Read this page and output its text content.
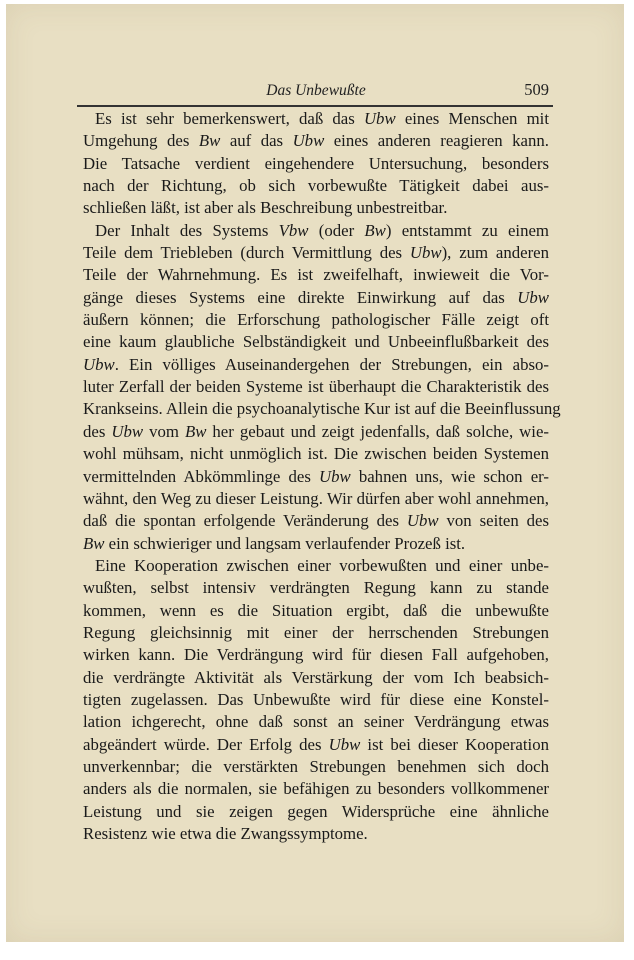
Das Unbewußte	509
Es ist sehr bemerkenswert, daß das Ubw eines Menschen mit
Umgehung des Bw auf das Ubw eines anderen reagieren kann.
Die Tatsache verdient eingehendere Untersuchung, besonders
nach der Richtung, ob sich vorbewußte Tätigkeit dabei aus-
schließen läßt, ist aber als Beschreibung unbestreitbar.
Der Inhalt des Systems Vbw (oder Bw) entstammt zu einem
Teile dem Triebleben (durch Vermittlung des Ubw), zum anderen
Teile der Wahrnehmung. Es ist zweifelhaft, inwieweit die Vor-
gänge dieses Systems eine direkte Einwirkung auf das Ubw
äußern können; die Erforschung pathologischer Fälle zeigt oft
eine kaum glaubliche Selbständigkeit und Unbeeinflußbarkeit des
Ubw. Ein völliges Auseinandergehen der Strebungen, ein abso-
luter Zerfall der beiden Systeme ist überhaupt die Charakteristik des
Krankseins. Allein die psychoanalytische Kur ist auf die Beeinflussung
des Ubw vom Bw her gebaut und zeigt jedenfalls, daß solche, wie-
wohl mühsam, nicht unmöglich ist. Die zwischen beiden Systemen
vermittelnden Abkömmlinge des Ubw bahnen uns, wie schon er-
wähnt, den Weg zu dieser Leistung. Wir dürfen aber wohl annehmen,
daß die spontan erfolgende Veränderung des Ubw von seiten des
Bw ein schwieriger und langsam verlaufender Prozeß ist.
Eine Kooperation zwischen einer vorbewußten und einer unbe-
wußten, selbst intensiv verdrängten Regung kann zu stande
kommen, wenn es die Situation ergibt, daß die unbewußte
Regung gleichsinnig mit einer der herrschenden Strebungen
wirken kann. Die Verdrängung wird für diesen Fall aufgehoben,
die verdrängte Aktivität als Verstärkung der vom Ich beabsich-
tigten zugelassen. Das Unbewußte wird für diese eine Konstel-
lation ichgerecht, ohne daß sonst an seiner Verdrängung etwas
abgeändert würde. Der Erfolg des Ubw ist bei dieser Kooperation
unverkennbar; die verstärkten Strebungen benehmen sich doch
anders als die normalen, sie befähigen zu besonders vollkommener
Leistung und sie zeigen gegen Widersprüche eine ähnliche
Resistenz wie etwa die Zwangssymptome.
